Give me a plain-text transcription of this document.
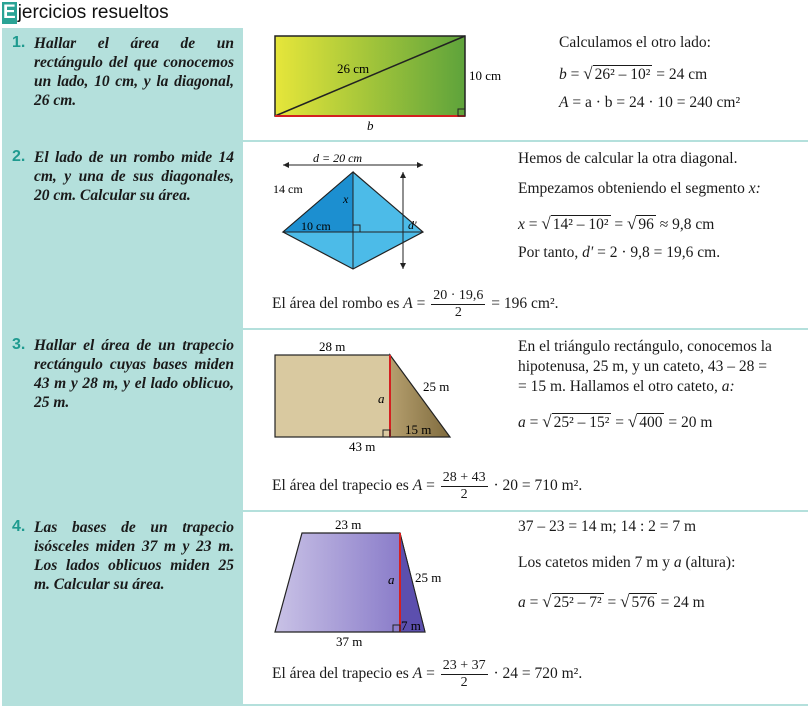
E jercicios resueltos
1. Hallar el área de un rectángulo del que conocemos un lado, 10 cm, y la diagonal, 26 cm.
26 cm	10 cm
b
Calculamos el otro lado:
b = √ 26² – 10² = 24 cm
A = a · b = 24 · 10 = 240 cm²
2. El lado de un rombo mide 14 cm, y una de sus diagonales, 20 cm. Calcular su área.
d = 20 cm
14 cm
x
10 cm	d'
Hemos de calcular la otra diagonal.
Empezamos obteniendo el segmento x:
x = √ 14² – 10² = √ 96 ≈ 9,8 cm
Por tanto, d' = 2 · 9,8 = 19,6 cm.
El área del rombo es $A = \frac{20 \cdot 19,6}{2} = 196$ cm².
3. Hallar el área de un trapecio rectángulo cuyas bases miden 43 m y 28 m, y el lado oblicuo, 25 m.
28 m
43 m
25 m
a
15 m
En el triángulo rectángulo, conocemos la
hipotenusa, 25 m, y un cateto, 43 – 28 =
= 15 m. Hallamos el otro cateto, a:
a = √ 25² – 15² = √ 400 = 20 m
El área del trapecio es $A = \frac{28 + 43}{2} \cdot 20 = 710$ m².
4. Las bases de un trapecio isósceles miden 37 m y 23 m. Los lados oblicuos miden 25 m. Calcular su área.
23 m
37 m
25 m
a
7 m
37 – 23 = 14 m; 14 : 2 = 7 m
Los catetos miden 7 m y a (altura):
a = √ 25² – 7² = √ 576 = 24 m
El área del trapecio es $A = \frac{23 + 37}{2} \cdot 24 = 720$ m².
